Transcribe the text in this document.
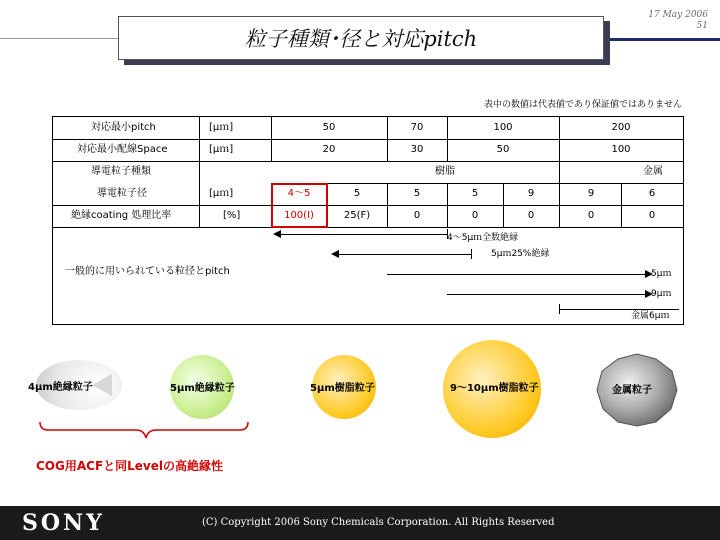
17 May 2006
51
粒子種類･径と対応pitch
表中の数値は代表値であり保証値ではありません
対応最小pitch	[μｍ]	50	70	100	200
対応最小配線Space	[μｍ]	20	30	50	100
導電粒子種類	樹脂	金属
導電粒子径	[μｍ]	4～5	5	5	5	9	9	6
絶縁coating 処理比率	[%]	100(I)	25(F)	0	0	0	0	0
4～5μｍ全数絶縁
5μｍ25%絶縁
一般的に用いられている粒径とpitch	5μｍ
9μｍ
金属6μｍ
4μm絶縁粒子	5μm絶縁粒子	5μm樹脂粒子	9～10μm樹脂粒子	金属粒子
COG用ACFと同Levelの高絶縁性
SONY	(C) Copyright 2006 Sony Chemicals Corporation. All Rights Reserved
